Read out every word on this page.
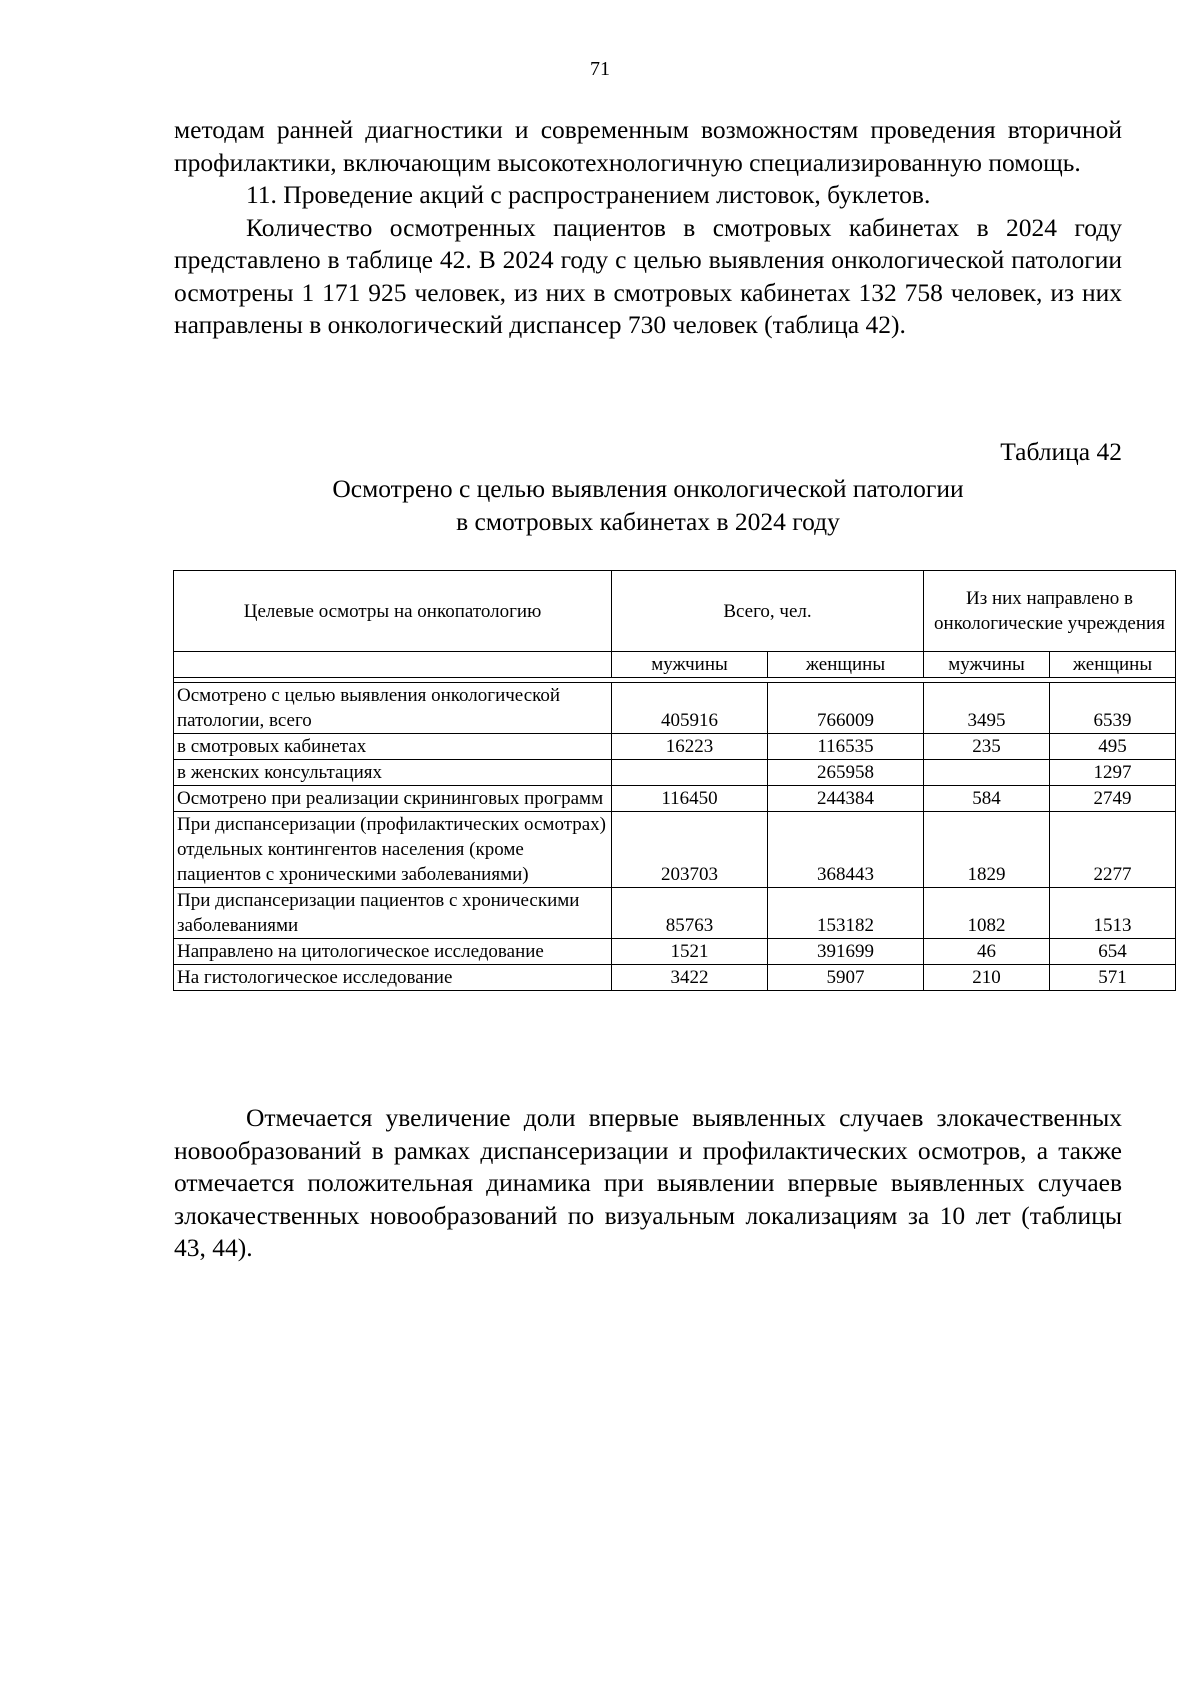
71

методам ранней диагностики и современным возможностям проведения вторичной профилактики, включающим высокотехнологичную специализированную помощь.

11. Проведение акций с распространением листовок, буклетов.

Количество осмотренных пациентов в смотровых кабинетах в 2024 году представлено в таблице 42. В 2024 году с целью выявления онкологической патологии осмотрены 1 171 925 человек, из них в смотровых кабинетах 132 758 человек, из них направлены в онкологический диспансер 730 человек (таблица 42).

Таблица 42
Осмотрено с целью выявления онкологической патологии
в смотровых кабинетах в 2024 году
Целевые осмотры на онкопатологию	Всего, чел.		Из них направлено в онкологические учреждения	
	мужчины	женщины	мужчины	женщины

Осмотрено с целью выявления онкологической патологии, всего	405916	766009	3495	6539
в смотровых кабинетах	16223	116535	235	495
в женских консультациях		265958		1297
Осмотрено при реализации скрининговых программ	116450	244384	584	2749
При диспансеризации (профилактических осмотрах) отдельных контингентов населения (кроме пациентов с хроническими заболеваниями)	203703	368443	1829	2277
При диспансеризации пациентов с хроническими заболеваниями	85763	153182	1082	1513
Направлено на цитологическое исследование	1521	391699	46	654
На гистологическое исследование	3422	5907	210	571

Отмечается увеличение доли впервые выявленных случаев злокачественных новообразований в рамках диспансеризации и профилактических осмотров, а также отмечается положительная динамика при выявлении впервые выявленных случаев злокачественных новообразований по визуальным локализациям за 10 лет (таблицы 43, 44).
